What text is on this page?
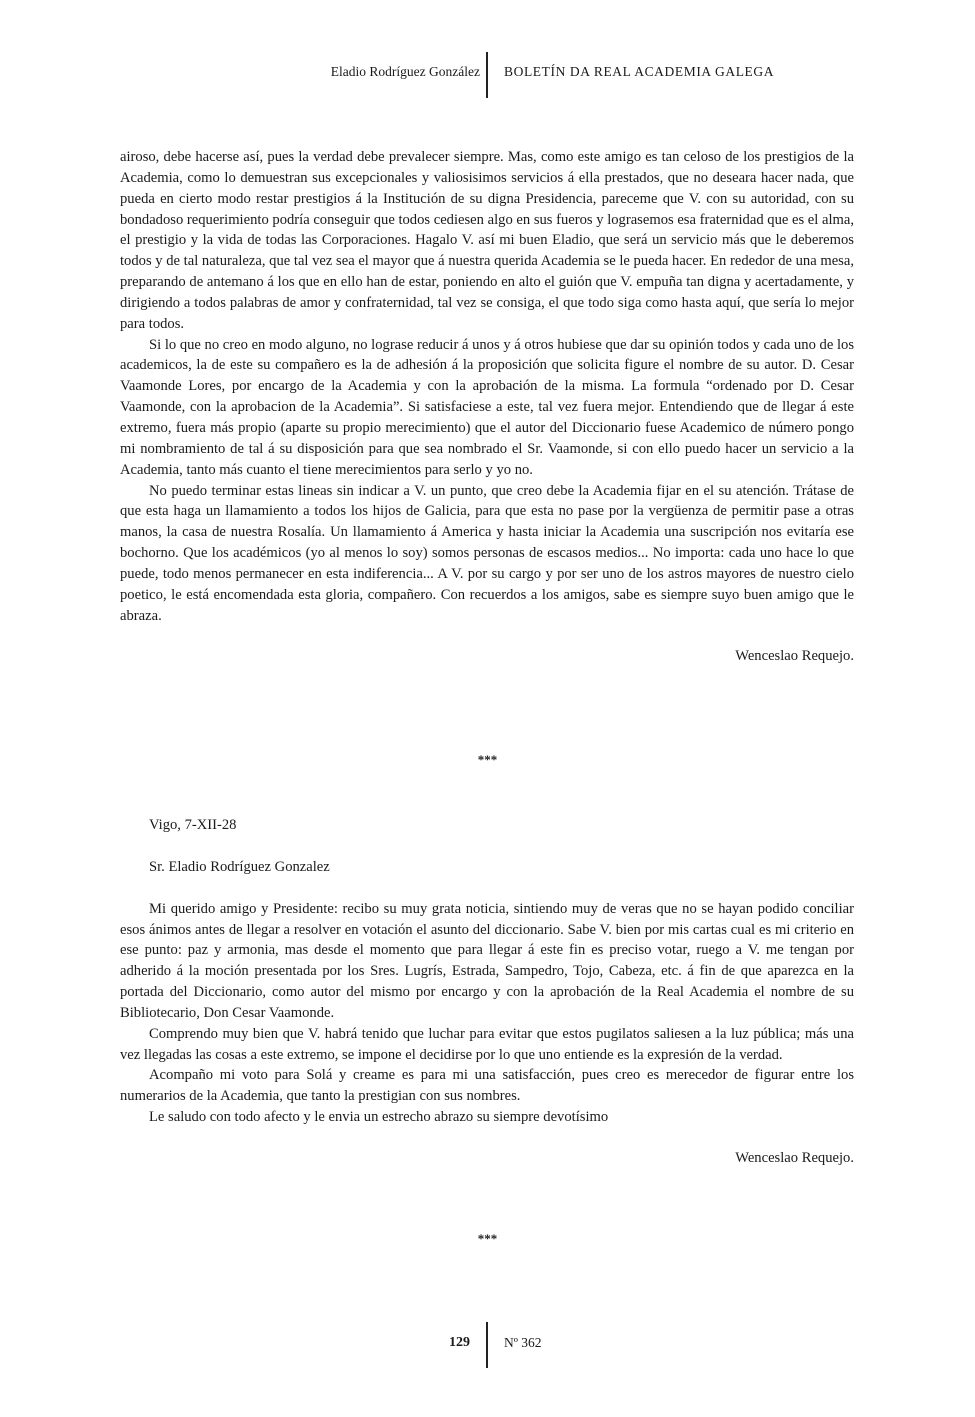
Eladio Rodríguez González BOLETÍN DA REAL ACADEMIA GALEGA

airoso, debe hacerse así, pues la verdad debe prevalecer siempre. Mas, como este amigo es tan celoso de los prestigios de la Academia, como lo demuestran sus excepcionales y valiosisimos servicios á ella prestados, que no deseara hacer nada, que pueda en cierto modo restar prestigios á la Institución de su digna Presidencia, pareceme que V. con su autoridad, con su bondadoso requerimiento podría conseguir que todos cediesen algo en sus fueros y lograsemos esa fraternidad que es el alma, el prestigio y la vida de todas las Corporaciones. Hagalo V. así mi buen Eladio, que será un servicio más que le deberemos todos y de tal naturaleza, que tal vez sea el mayor que á nuestra querida Academia se le pueda hacer. En rededor de una mesa, preparando de antemano á los que en ello han de estar, poniendo en alto el guión que V. empuña tan digna y acertadamente, y dirigiendo a todos palabras de amor y confraternidad, tal vez se consiga, el que todo siga como hasta aquí, que sería lo mejor para todos.

Si lo que no creo en modo alguno, no lograse reducir á unos y á otros hubiese que dar su opinión todos y cada uno de los academicos, la de este su compañero es la de adhesión á la proposición que solicita figure el nombre de su autor. D. Cesar Vaamonde Lores, por encargo de la Academia y con la aprobación de la misma. La formula “ordenado por D. Cesar Vaamonde, con la aprobacion de la Academia”. Si satisfaciese a este, tal vez fuera mejor. Entendiendo que de llegar á este extremo, fuera más propio (aparte su propio merecimiento) que el autor del Diccionario fuese Academico de número pongo mi nombramiento de tal á su disposición para que sea nombrado el Sr. Vaamonde, si con ello puedo hacer un servicio a la Academia, tanto más cuanto el tiene merecimientos para serlo y yo no.

No puedo terminar estas lineas sin indicar a V. un punto, que creo debe la Academia fijar en el su atención. Trátase de que esta haga un llamamiento a todos los hijos de Galicia, para que esta no pase por la vergüenza de permitir pase a otras manos, la casa de nuestra Rosalía. Un llamamiento á America y hasta iniciar la Academia una suscripción nos evitaría ese bochorno. Que los académicos (yo al menos lo soy) somos personas de escasos medios... No importa: cada uno hace lo que puede, todo menos permanecer en esta indiferencia... A V. por su cargo y por ser uno de los astros mayores de nuestro cielo poetico, le está encomendada esta gloria, compañero. Con recuerdos a los amigos, sabe es siempre suyo buen amigo que le abraza.

Wenceslao Requejo.

***

Vigo, 7-XII-28

Sr. Eladio Rodríguez Gonzalez

Mi querido amigo y Presidente: recibo su muy grata noticia, sintiendo muy de veras que no se hayan podido conciliar esos ánimos antes de llegar a resolver en votación el asunto del diccionario. Sabe V. bien por mis cartas cual es mi criterio en ese punto: paz y armonia, mas desde el momento que para llegar á este fin es preciso votar, ruego a V. me tengan por adherido á la moción presentada por los Sres. Lugrís, Estrada, Sampedro, Tojo, Cabeza, etc. á fin de que aparezca en la portada del Diccionario, como autor del mismo por encargo y con la aprobación de la Real Academia el nombre de su Bibliotecario, Don Cesar Vaamonde.

Comprendo muy bien que V. habrá tenido que luchar para evitar que estos pugilatos saliesen a la luz pública; más una vez llegadas las cosas a este extremo, se impone el decidirse por lo que uno entiende es la expresión de la verdad.

Acompaño mi voto para Solá y creame es para mi una satisfacción, pues creo es merecedor de figurar entre los numerarios de la Academia, que tanto la prestigian con sus nombres.

Le saludo con todo afecto y le envia un estrecho abrazo su siempre devotísimo

Wenceslao Requejo.

***
129	Nº 362
